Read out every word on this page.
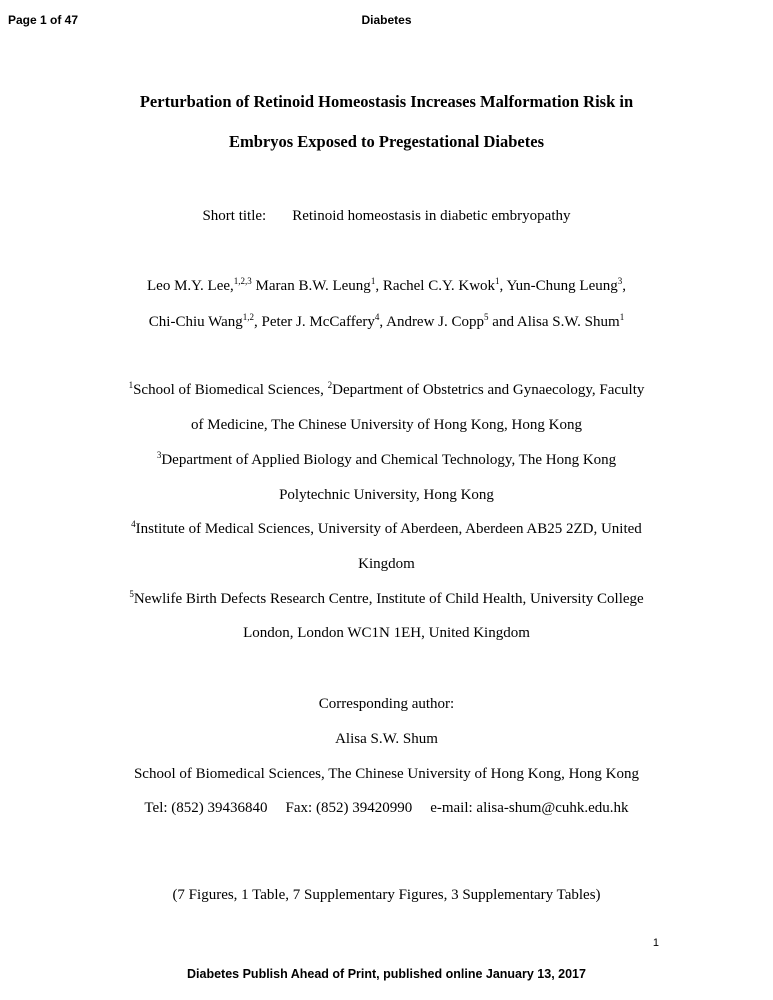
Page 1 of 47	Diabetes
Perturbation of Retinoid Homeostasis Increases Malformation Risk in
Embryos Exposed to Pregestational Diabetes
Short title: Retinoid homeostasis in diabetic embryopathy
Leo M.Y. Lee,$^{1,2,3}$ Maran B.W. Leung$^1$, Rachel C.Y. Kwok$^1$, Yun-Chung Leung$^3$,
Chi-Chiu Wang$^{1,2}$, Peter J. McCaffery$^4$, Andrew J. Copp$^5$ and Alisa S.W. Shum$^1$
$^1$School of Biomedical Sciences, $^2$Department of Obstetrics and Gynaecology, Faculty
of Medicine, The Chinese University of Hong Kong, Hong Kong
$^3$Department of Applied Biology and Chemical Technology, The Hong Kong
Polytechnic University, Hong Kong
$^4$Institute of Medical Sciences, University of Aberdeen, Aberdeen AB25 2ZD, United
Kingdom
$^5$Newlife Birth Defects Research Centre, Institute of Child Health, University College
London, London WC1N 1EH, United Kingdom
Corresponding author:
Alisa S.W. Shum
School of Biomedical Sciences, The Chinese University of Hong Kong, Hong Kong
Tel: (852) 39436840 Fax: (852) 39420990 e-mail: alisa-shum@cuhk.edu.hk
(7 Figures, 1 Table, 7 Supplementary Figures, 3 Supplementary Tables)
1
Diabetes Publish Ahead of Print, published online January 13, 2017
